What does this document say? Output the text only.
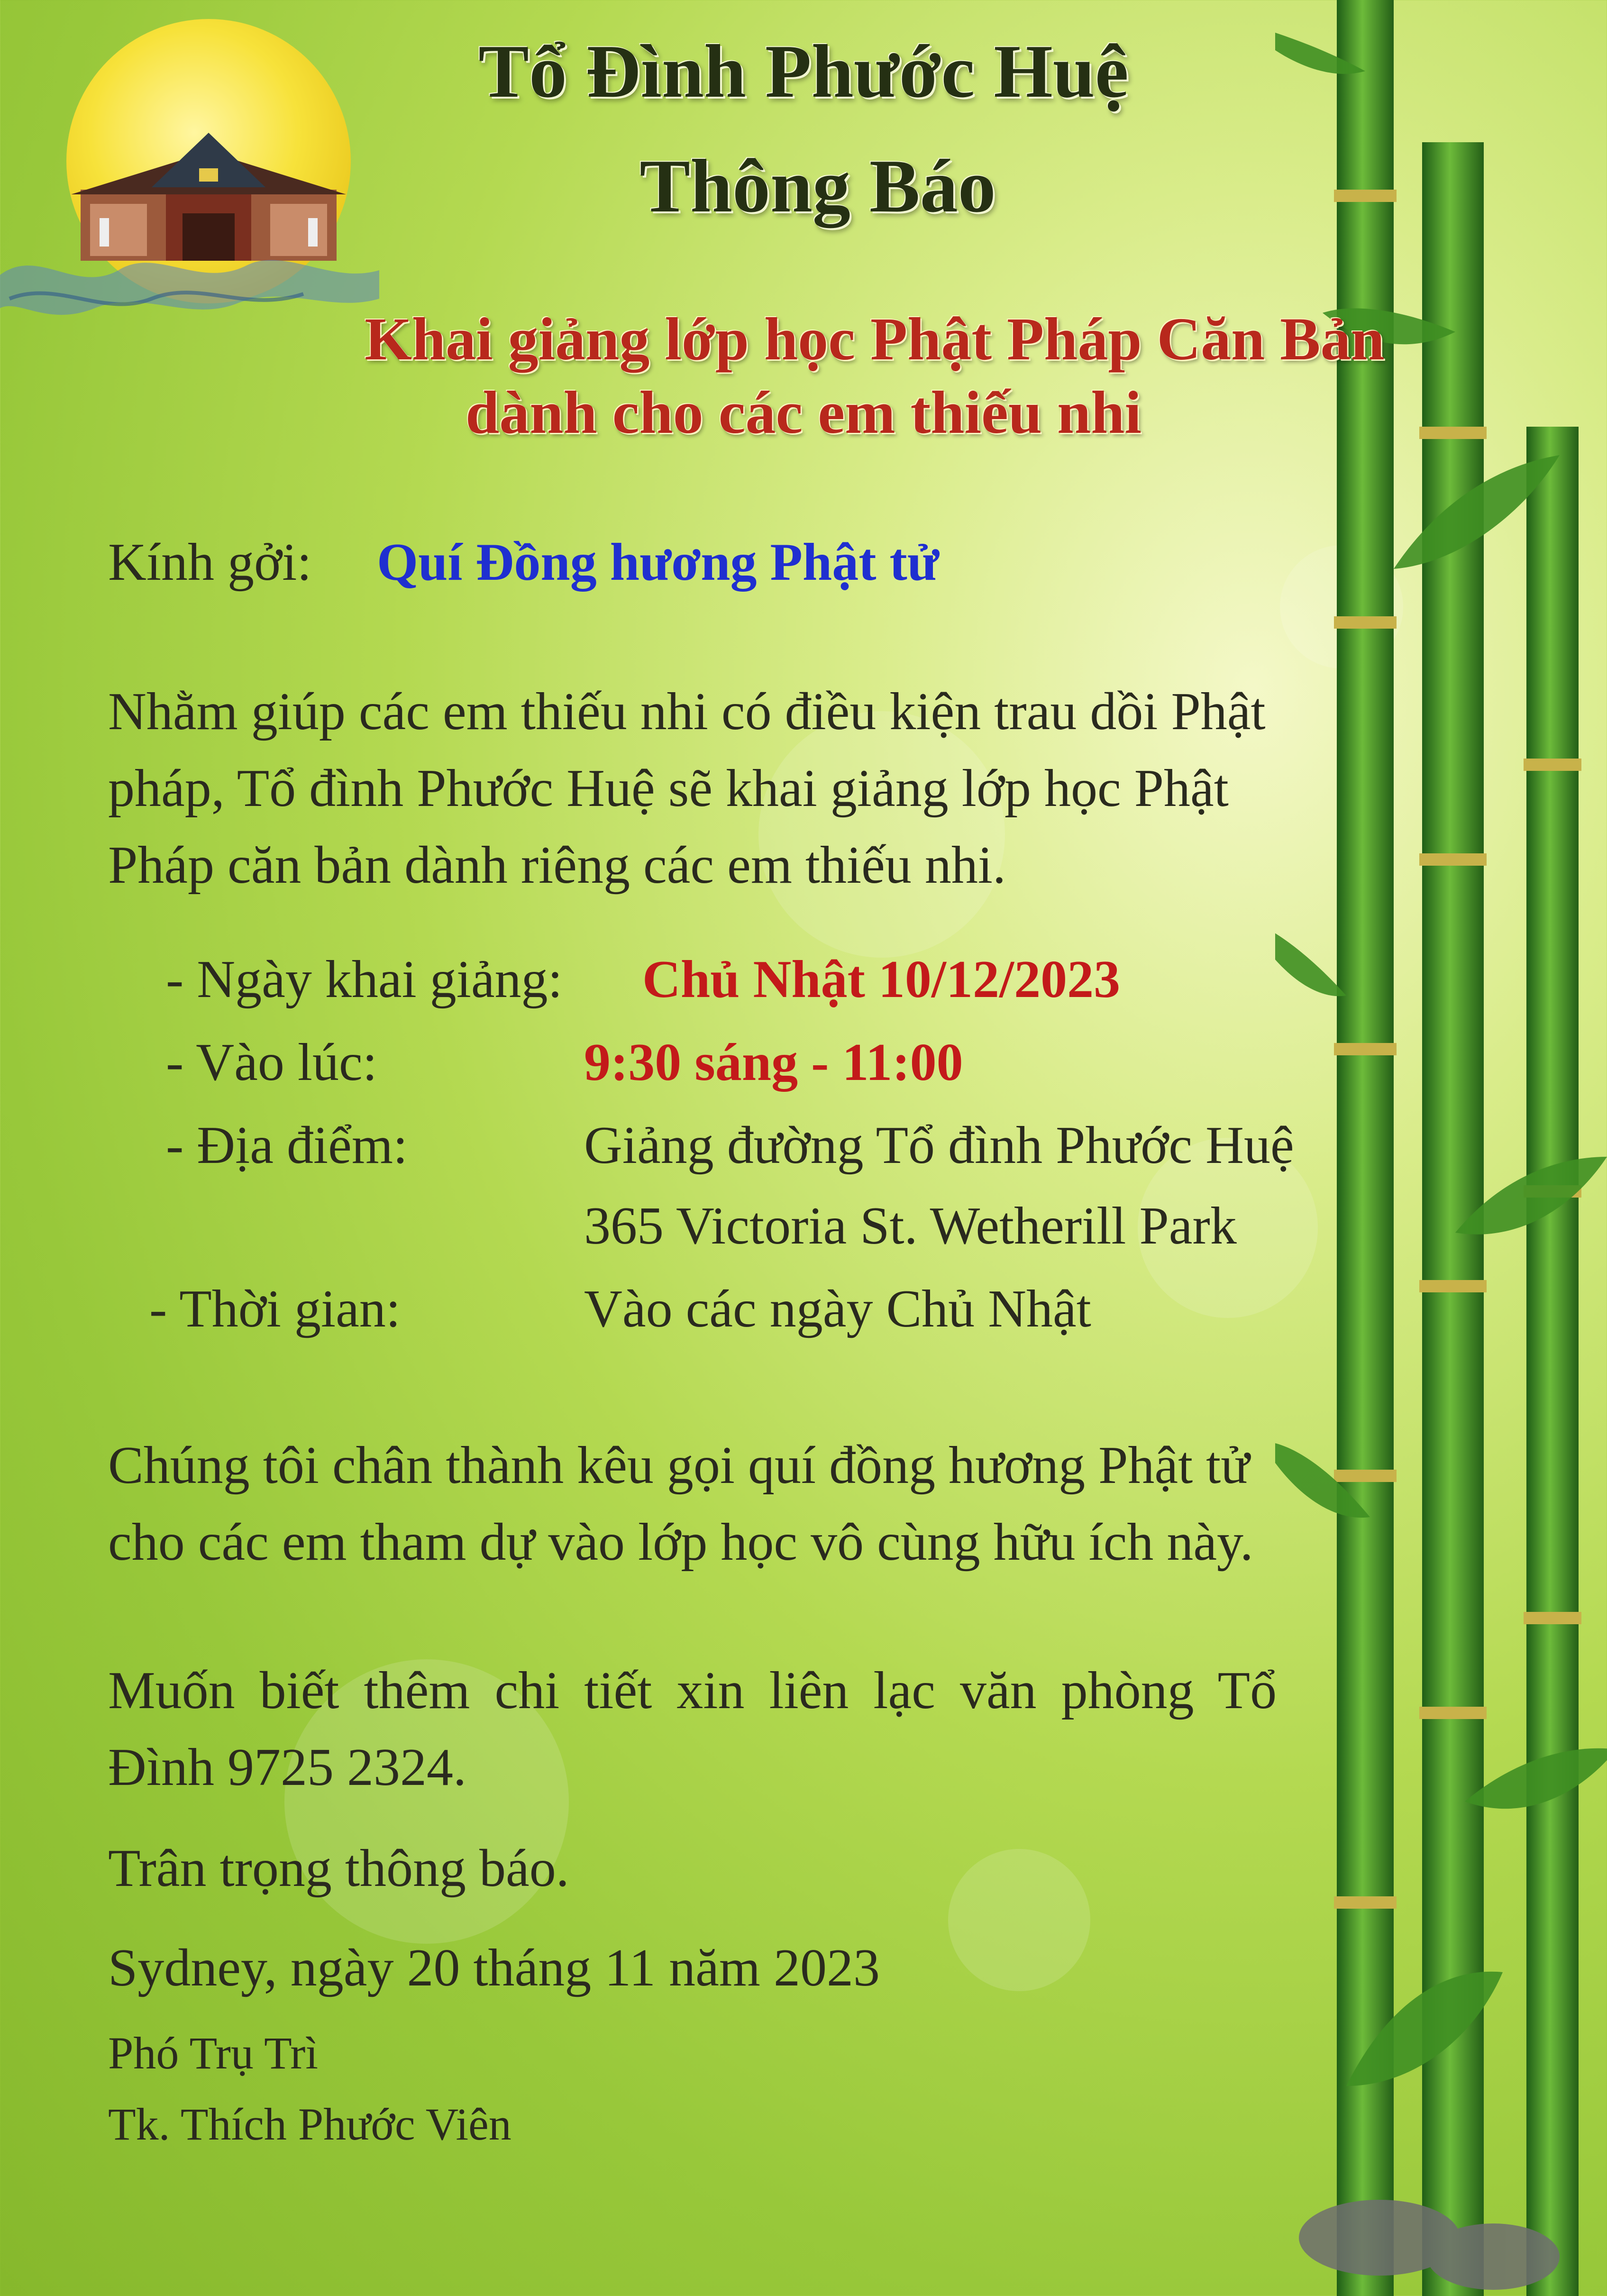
Tổ Đình Phước Huệ
Thông Báo
Khai giảng lớp học Phật Pháp Căn Bản
dành cho các em thiếu nhi
Kính gởi: Quí Đồng hương Phật tử
Nhằm giúp các em thiếu nhi có điều kiện trau dồi Phật
pháp, Tổ đình Phước Huệ sẽ khai giảng lớp học Phật
Pháp căn bản dành riêng các em thiếu nhi.
- Ngày khai giảng: Chủ Nhật 10/12/2023
- Vào lúc:	9:30 sáng - 11:00
- Địa điểm:	Giảng đường Tổ đình Phước Huệ
365 Victoria St. Wetherill Park
- Thời gian:	Vào các ngày Chủ Nhật
Chúng tôi chân thành kêu gọi quí đồng hương Phật tử
cho các em tham dự vào lớp học vô cùng hữu ích này.
Muốn biết thêm chi tiết xin liên lạc văn phòng Tổ
Đình 9725 2324.
Trân trọng thông báo.
Sydney, ngày 20 tháng 11 năm 2023
Phó Trụ Trì
Tk. Thích Phước Viên
